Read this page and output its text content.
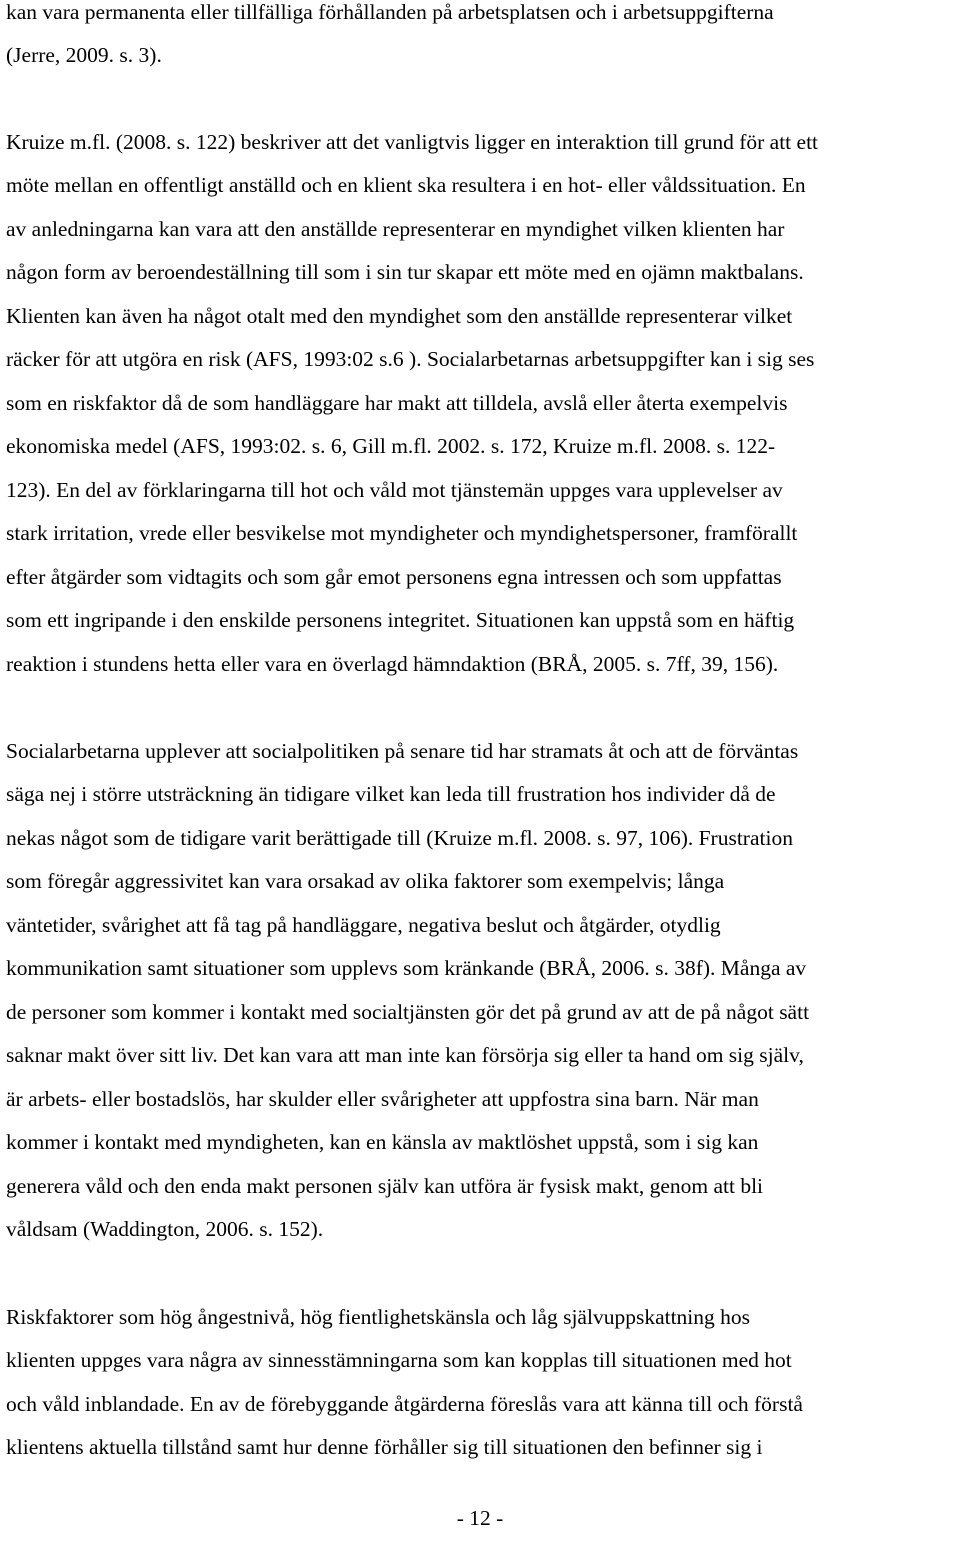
kan vara permanenta eller tillfälliga förhållanden på arbetsplatsen och i arbetsuppgifterna
(Jerre, 2009. s. 3).
Kruize m.fl. (2008. s. 122) beskriver att det vanligtvis ligger en interaktion till grund för att ett
möte mellan en offentligt anställd och en klient ska resultera i en hot- eller våldssituation. En
av anledningarna kan vara att den anställde representerar en myndighet vilken klienten har
någon form av beroendeställning till som i sin tur skapar ett möte med en ojämn maktbalans.
Klienten kan även ha något otalt med den myndighet som den anställde representerar vilket
räcker för att utgöra en risk (AFS, 1993:02 s.6 ). Socialarbetarnas arbetsuppgifter kan i sig ses
som en riskfaktor då de som handläggare har makt att tilldela, avslå eller återta exempelvis
ekonomiska medel (AFS, 1993:02. s. 6, Gill m.fl. 2002. s. 172, Kruize m.fl. 2008. s. 122-
123). En del av förklaringarna till hot och våld mot tjänstemän uppges vara upplevelser av
stark irritation, vrede eller besvikelse mot myndigheter och myndighetspersoner, framförallt
efter åtgärder som vidtagits och som går emot personens egna intressen och som uppfattas
som ett ingripande i den enskilde personens integritet. Situationen kan uppstå som en häftig
reaktion i stundens hetta eller vara en överlagd hämndaktion (BRÅ, 2005. s. 7ff, 39, 156).
Socialarbetarna upplever att socialpolitiken på senare tid har stramats åt och att de förväntas
säga nej i större utsträckning än tidigare vilket kan leda till frustration hos individer då de
nekas något som de tidigare varit berättigade till (Kruize m.fl. 2008. s. 97, 106). Frustration
som föregår aggressivitet kan vara orsakad av olika faktorer som exempelvis; långa
väntetider, svårighet att få tag på handläggare, negativa beslut och åtgärder, otydlig
kommunikation samt situationer som upplevs som kränkande (BRÅ, 2006. s. 38f). Många av
de personer som kommer i kontakt med socialtjänsten gör det på grund av att de på något sätt
saknar makt över sitt liv. Det kan vara att man inte kan försörja sig eller ta hand om sig själv,
är arbets- eller bostadslös, har skulder eller svårigheter att uppfostra sina barn. När man
kommer i kontakt med myndigheten, kan en känsla av maktlöshet uppstå, som i sig kan
generera våld och den enda makt personen själv kan utföra är fysisk makt, genom att bli
våldsam (Waddington, 2006. s. 152).
Riskfaktorer som hög ångestnivå, hög fientlighetskänsla och låg självuppskattning hos
klienten uppges vara några av sinnesstämningarna som kan kopplas till situationen med hot
och våld inblandade. En av de förebyggande åtgärderna föreslås vara att känna till och förstå
klientens aktuella tillstånd samt hur denne förhåller sig till situationen den befinner sig i
- 12 -
